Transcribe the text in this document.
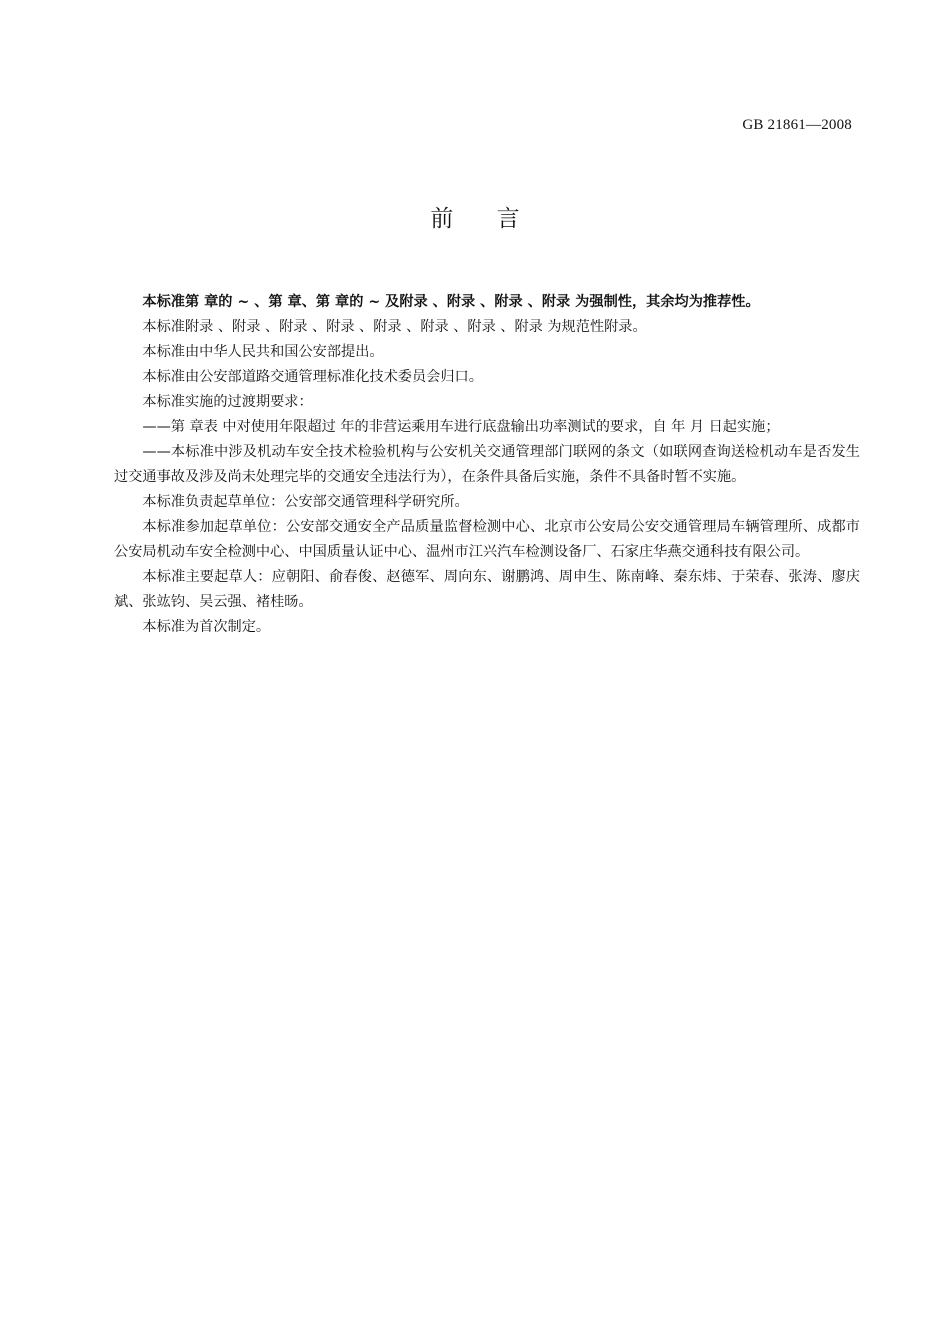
GB 21861—2008
前 言

本标准第 章的 ~ 、第 章、第 章的 ~ 及附录 、附录 、附录 、附录 为强制性，其余均为推荐性。

本标准附录 、附录 、附录 、附录 、附录 、附录 、附录 、附录 为规范性附录。

本标准由中华人民共和国公安部提出。

本标准由公安部道路交通管理标准化技术委员会归口。

本标准实施的过渡期要求：

——第 章表 中对使用年限超过 年的非营运乘用车进行底盘输出功率测试的要求，自 年 月 日起实施；

——本标准中涉及机动车安全技术检验机构与公安机关交通管理部门联网的条文（如联网查询送检机动车是否发生过交通事故及涉及尚未处理完毕的交通安全违法行为），在条件具备后实施，条件不具备时暂不实施。

本标准负责起草单位：公安部交通管理科学研究所。

本标准参加起草单位：公安部交通安全产品质量监督检测中心、北京市公安局公安交通管理局车辆管理所、成都市公安局机动车安全检测中心、中国质量认证中心、温州市江兴汽车检测设备厂、石家庄华燕交通科技有限公司。

本标准主要起草人：应朝阳、俞春俊、赵德军、周向东、谢鹏鸿、周申生、陈南峰、秦东炜、于荣春、张涛、廖庆斌、张竑钧、吴云强、褚桂旸。

本标准为首次制定。
